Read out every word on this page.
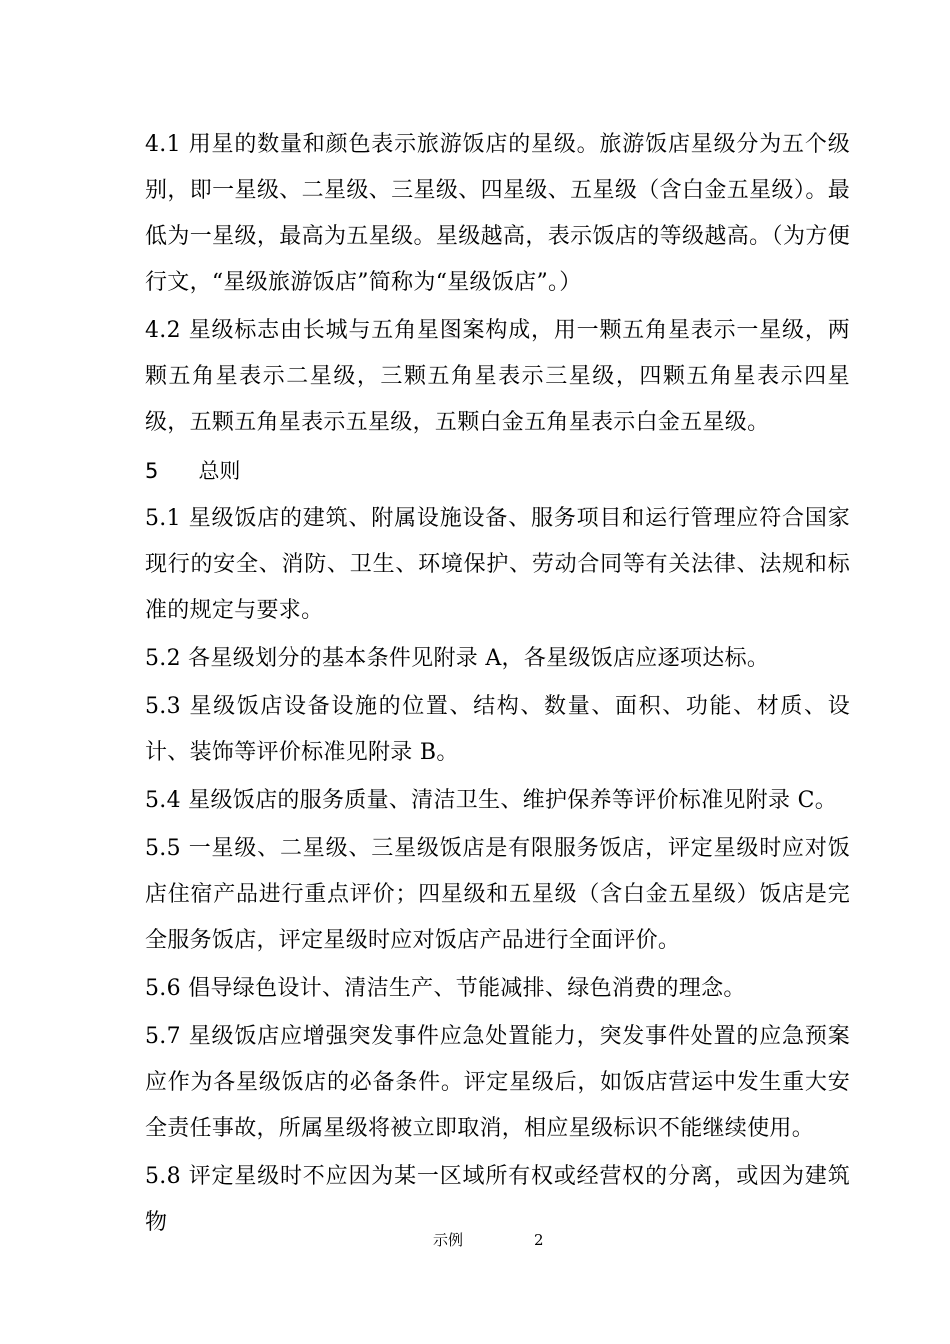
4.1 用星的数量和颜色表示旅游饭店的星级。旅游饭店星级分为五个级别，即一星级、二星级、三星级、四星级、五星级（含白金五星级）。最低为一星级，最高为五星级。星级越高，表示饭店的等级越高。（为方便行文，“星级旅游饭店”简称为“星级饭店”。）

4.2 星级标志由长城与五角星图案构成，用一颗五角星表示一星级，两颗五角星表示二星级，三颗五角星表示三星级，四颗五角星表示四星级，五颗五角星表示五星级，五颗白金五角星表示白金五星级。

5 总则

5.1 星级饭店的建筑、附属设施设备、服务项目和运行管理应符合国家现行的安全、消防、卫生、环境保护、劳动合同等有关法律、法规和标准的规定与要求。

5.2 各星级划分的基本条件见附录 A，各星级饭店应逐项达标。

5.3 星级饭店设备设施的位置、结构、数量、面积、功能、材质、设计、装饰等评价标准见附录 B。

5.4 星级饭店的服务质量、清洁卫生、维护保养等评价标准见附录 C。

5.5 一星级、二星级、三星级饭店是有限服务饭店，评定星级时应对饭店住宿产品进行重点评价；四星级和五星级（含白金五星级）饭店是完全服务饭店，评定星级时应对饭店产品进行全面评价。

5.6 倡导绿色设计、清洁生产、节能减排、绿色消费的理念。

5.7 星级饭店应增强突发事件应急处置能力，突发事件处置的应急预案应作为各星级饭店的必备条件。评定星级后，如饭店营运中发生重大安全责任事故，所属星级将被立即取消，相应星级标识不能继续使用。

5.8 评定星级时不应因为某一区域所有权或经营权的分离，或因为建筑物

示例	2
